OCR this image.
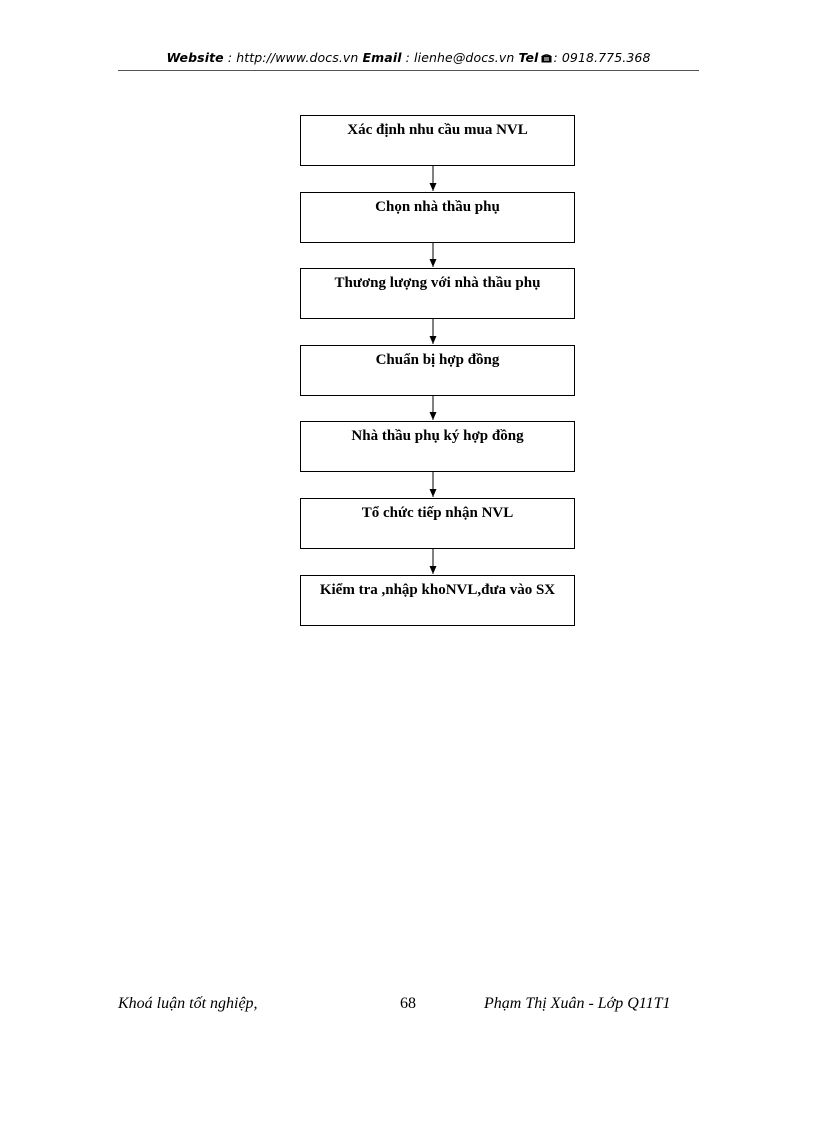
Website : http://www.docs.vn Email : lienhe@docs.vn Tel : 0918.775.368
Xác định nhu cầu mua NVL
Chọn nhà thầu phụ
Thương lượng với nhà thầu phụ
Chuẩn bị hợp đồng
Nhà thầu phụ ký hợp đồng
Tổ chức tiếp nhận NVL
Kiểm tra ,nhập khoNVL,đưa vào SX
Khoá luận tốt nghiệp,	68	Phạm Thị Xuân - Lớp Q11T1
